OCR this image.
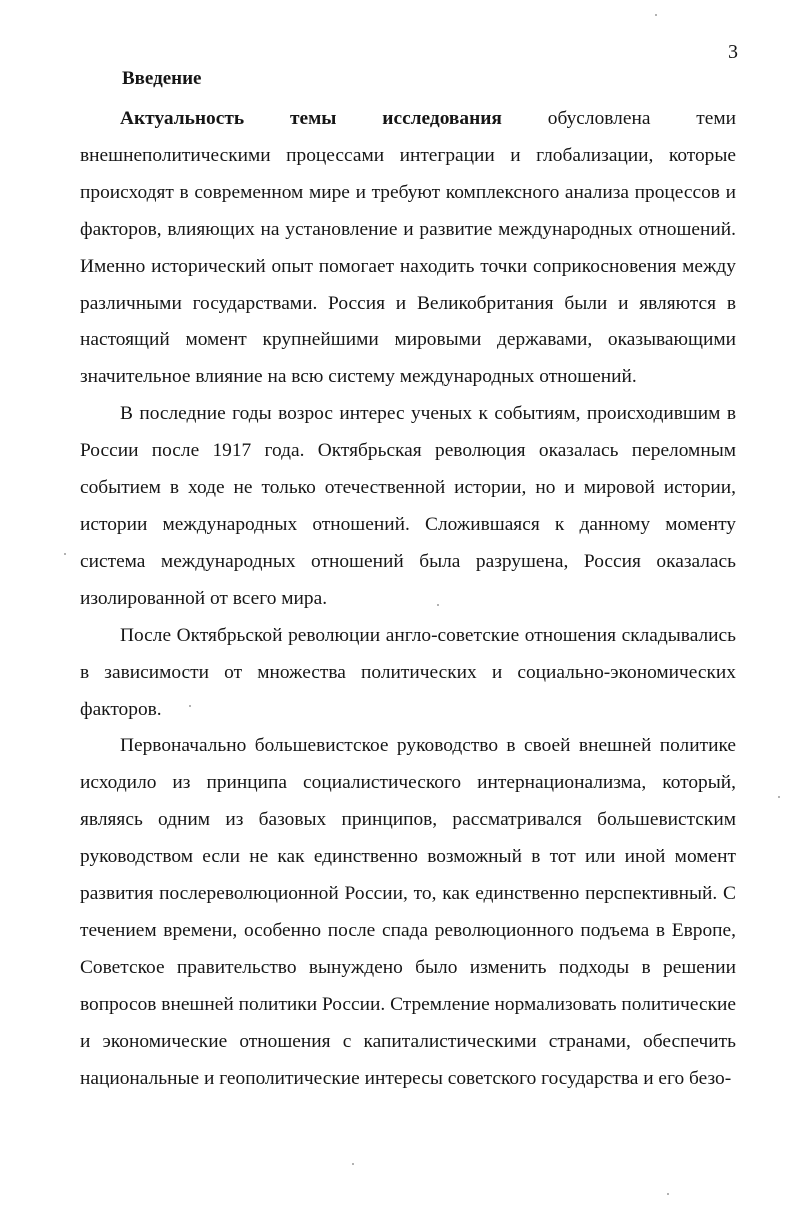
3
Введение

Актуальность темы исследования обусловлена теми внешнеполитическими процессами интеграции и глобализации, которые происходят в современном мире и требуют комплексного анализа процессов и факторов, влияющих на установление и развитие международных отношений. Именно исторический опыт помогает находить точки соприкосновения между различными государствами. Россия и Великобритания были и являются в настоящий момент крупнейшими мировыми державами, оказывающими значительное влияние на всю систему международных отношений.

В последние годы возрос интерес ученых к событиям, происходившим в России после 1917 года. Октябрьская революция оказалась переломным событием в ходе не только отечественной истории, но и мировой истории, истории международных отношений. Сложившаяся к данному моменту система международных отношений была разрушена, Россия оказалась изолированной от всего мира.

После Октябрьской революции англо-советские отношения складывались в зависимости от множества политических и социально-экономических факторов.

Первоначально большевистское руководство в своей внешней политике исходило из принципа социалистического интернационализма, который, являясь одним из базовых принципов, рассматривался большевистским руководством если не как единственно возможный в тот или иной момент развития послереволюционной России, то, как единственно перспективный. С течением времени, особенно после спада революционного подъема в Европе, Советское правительство вынуждено было изменить подходы в решении вопросов внешней политики России. Стремление нормализовать политические и экономические отношения с капиталистическими странами, обеспечить национальные и геополитические интересы советского государства и его безо-
